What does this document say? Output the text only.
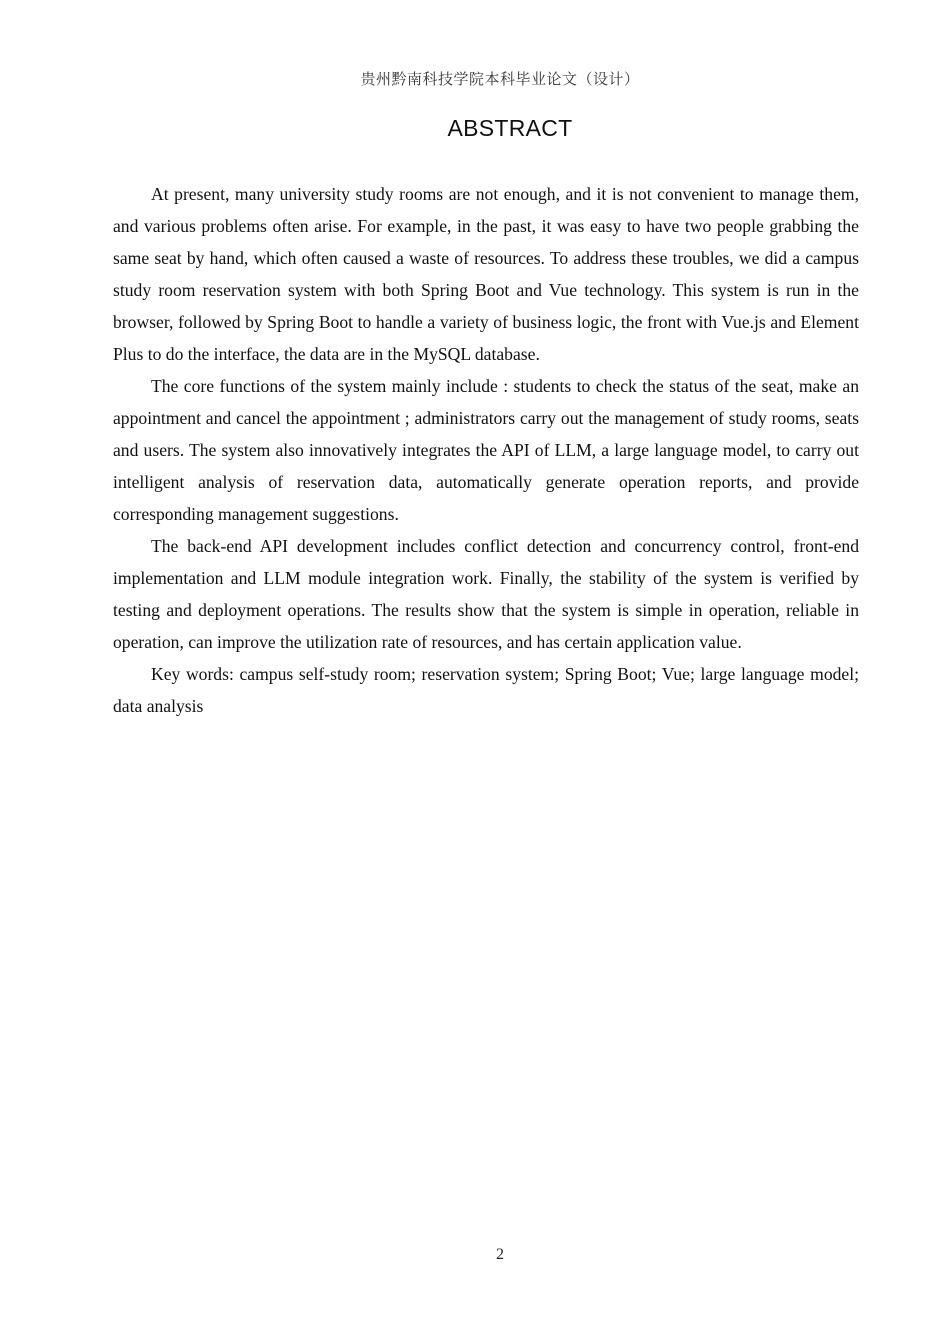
贵州黔南科技学院本科毕业论文（设计）
ABSTRACT

At present, many university study rooms are not enough, and it is not convenient to manage them, and various problems often arise. For example, in the past, it was easy to have two people grabbing the same seat by hand, which often caused a waste of resources. To address these troubles, we did a campus study room reservation system with both Spring Boot and Vue technology. This system is run in the browser, followed by Spring Boot to handle a variety of business logic, the front with Vue.js and Element Plus to do the interface, the data are in the MySQL database.

The core functions of the system mainly include : students to check the status of the seat, make an appointment and cancel the appointment ; administrators carry out the management of study rooms, seats and users. The system also innovatively integrates the API of LLM, a large language model, to carry out intelligent analysis of reservation data, automatically generate operation reports, and provide corresponding management suggestions.

The back-end API development includes conflict detection and concurrency control, front-end implementation and LLM module integration work. Finally, the stability of the system is verified by testing and deployment operations. The results show that the system is simple in operation, reliable in operation, can improve the utilization rate of resources, and has certain application value.

Key words: campus self-study room; reservation system; Spring Boot; Vue; large language model; data analysis

2
